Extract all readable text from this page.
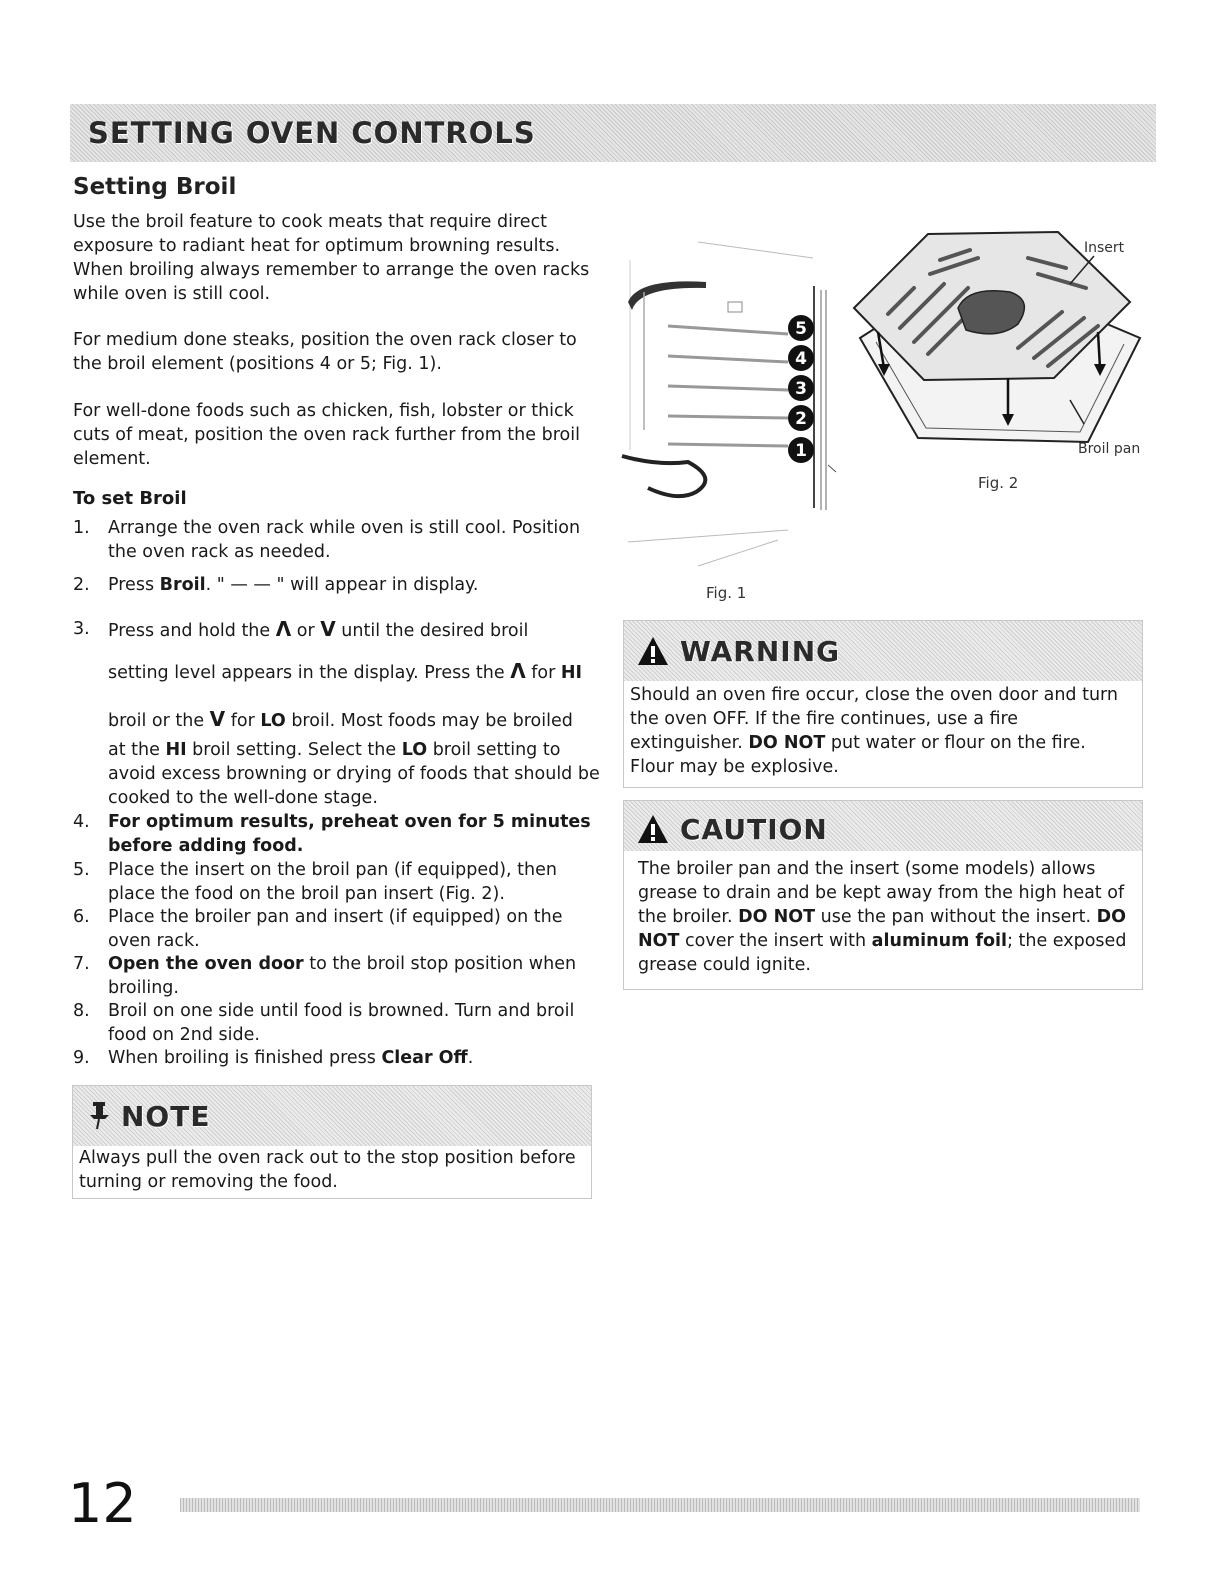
SETTING OVEN CONTROLS
Setting Broil

Use the broil feature to cook meats that require direct exposure to radiant heat for optimum browning results. When broiling always remember to arrange the oven racks while oven is still cool.

For medium done steaks, position the oven rack closer to the broil element (positions 4 or 5; Fig. 1).

For well-done foods such as chicken, fish, lobster or thick cuts of meat, position the oven rack further from the broil element.

To set Broil
1.	Arrange the oven rack while oven is still cool. Position the oven rack as needed.
2.	Press Broil. " — — " will appear in display.
3.	Press and hold the Λ or V until the desired broil
setting level appears in the display. Press the Λ for HI
broil or the V for LO broil. Most foods may be broiled
at the HI broil setting. Select the LO broil setting to avoid excess browning or drying of foods that should be cooked to the well-done stage.
4.	For optimum results, preheat oven for 5 minutes before adding food.
5.	Place the insert on the broil pan (if equipped), then place the food on the broil pan insert (Fig. 2).
6.	Place the broiler pan and insert (if equipped) on the oven rack.
7.	Open the oven door to the broil stop position when broiling.
8.	Broil on one side until food is browned. Turn and broil food on 2nd side.
9.	When broiling is finished press Clear Off.
NOTE
Always pull the oven rack out to the stop position before turning or removing the food.
5
4
3
2
1
Fig. 1
Insert
Broil pan
Fig. 2
WARNING
Should an oven fire occur, close the oven door and turn the oven OFF. If the fire continues, use a fire extinguisher. DO NOT put water or flour on the fire. Flour may be explosive.
CAUTION
The broiler pan and the insert (some models) allows grease to drain and be kept away from the high heat of the broiler. DO NOT use the pan without the insert. DO NOT cover the insert with aluminum foil; the exposed grease could ignite.
12
